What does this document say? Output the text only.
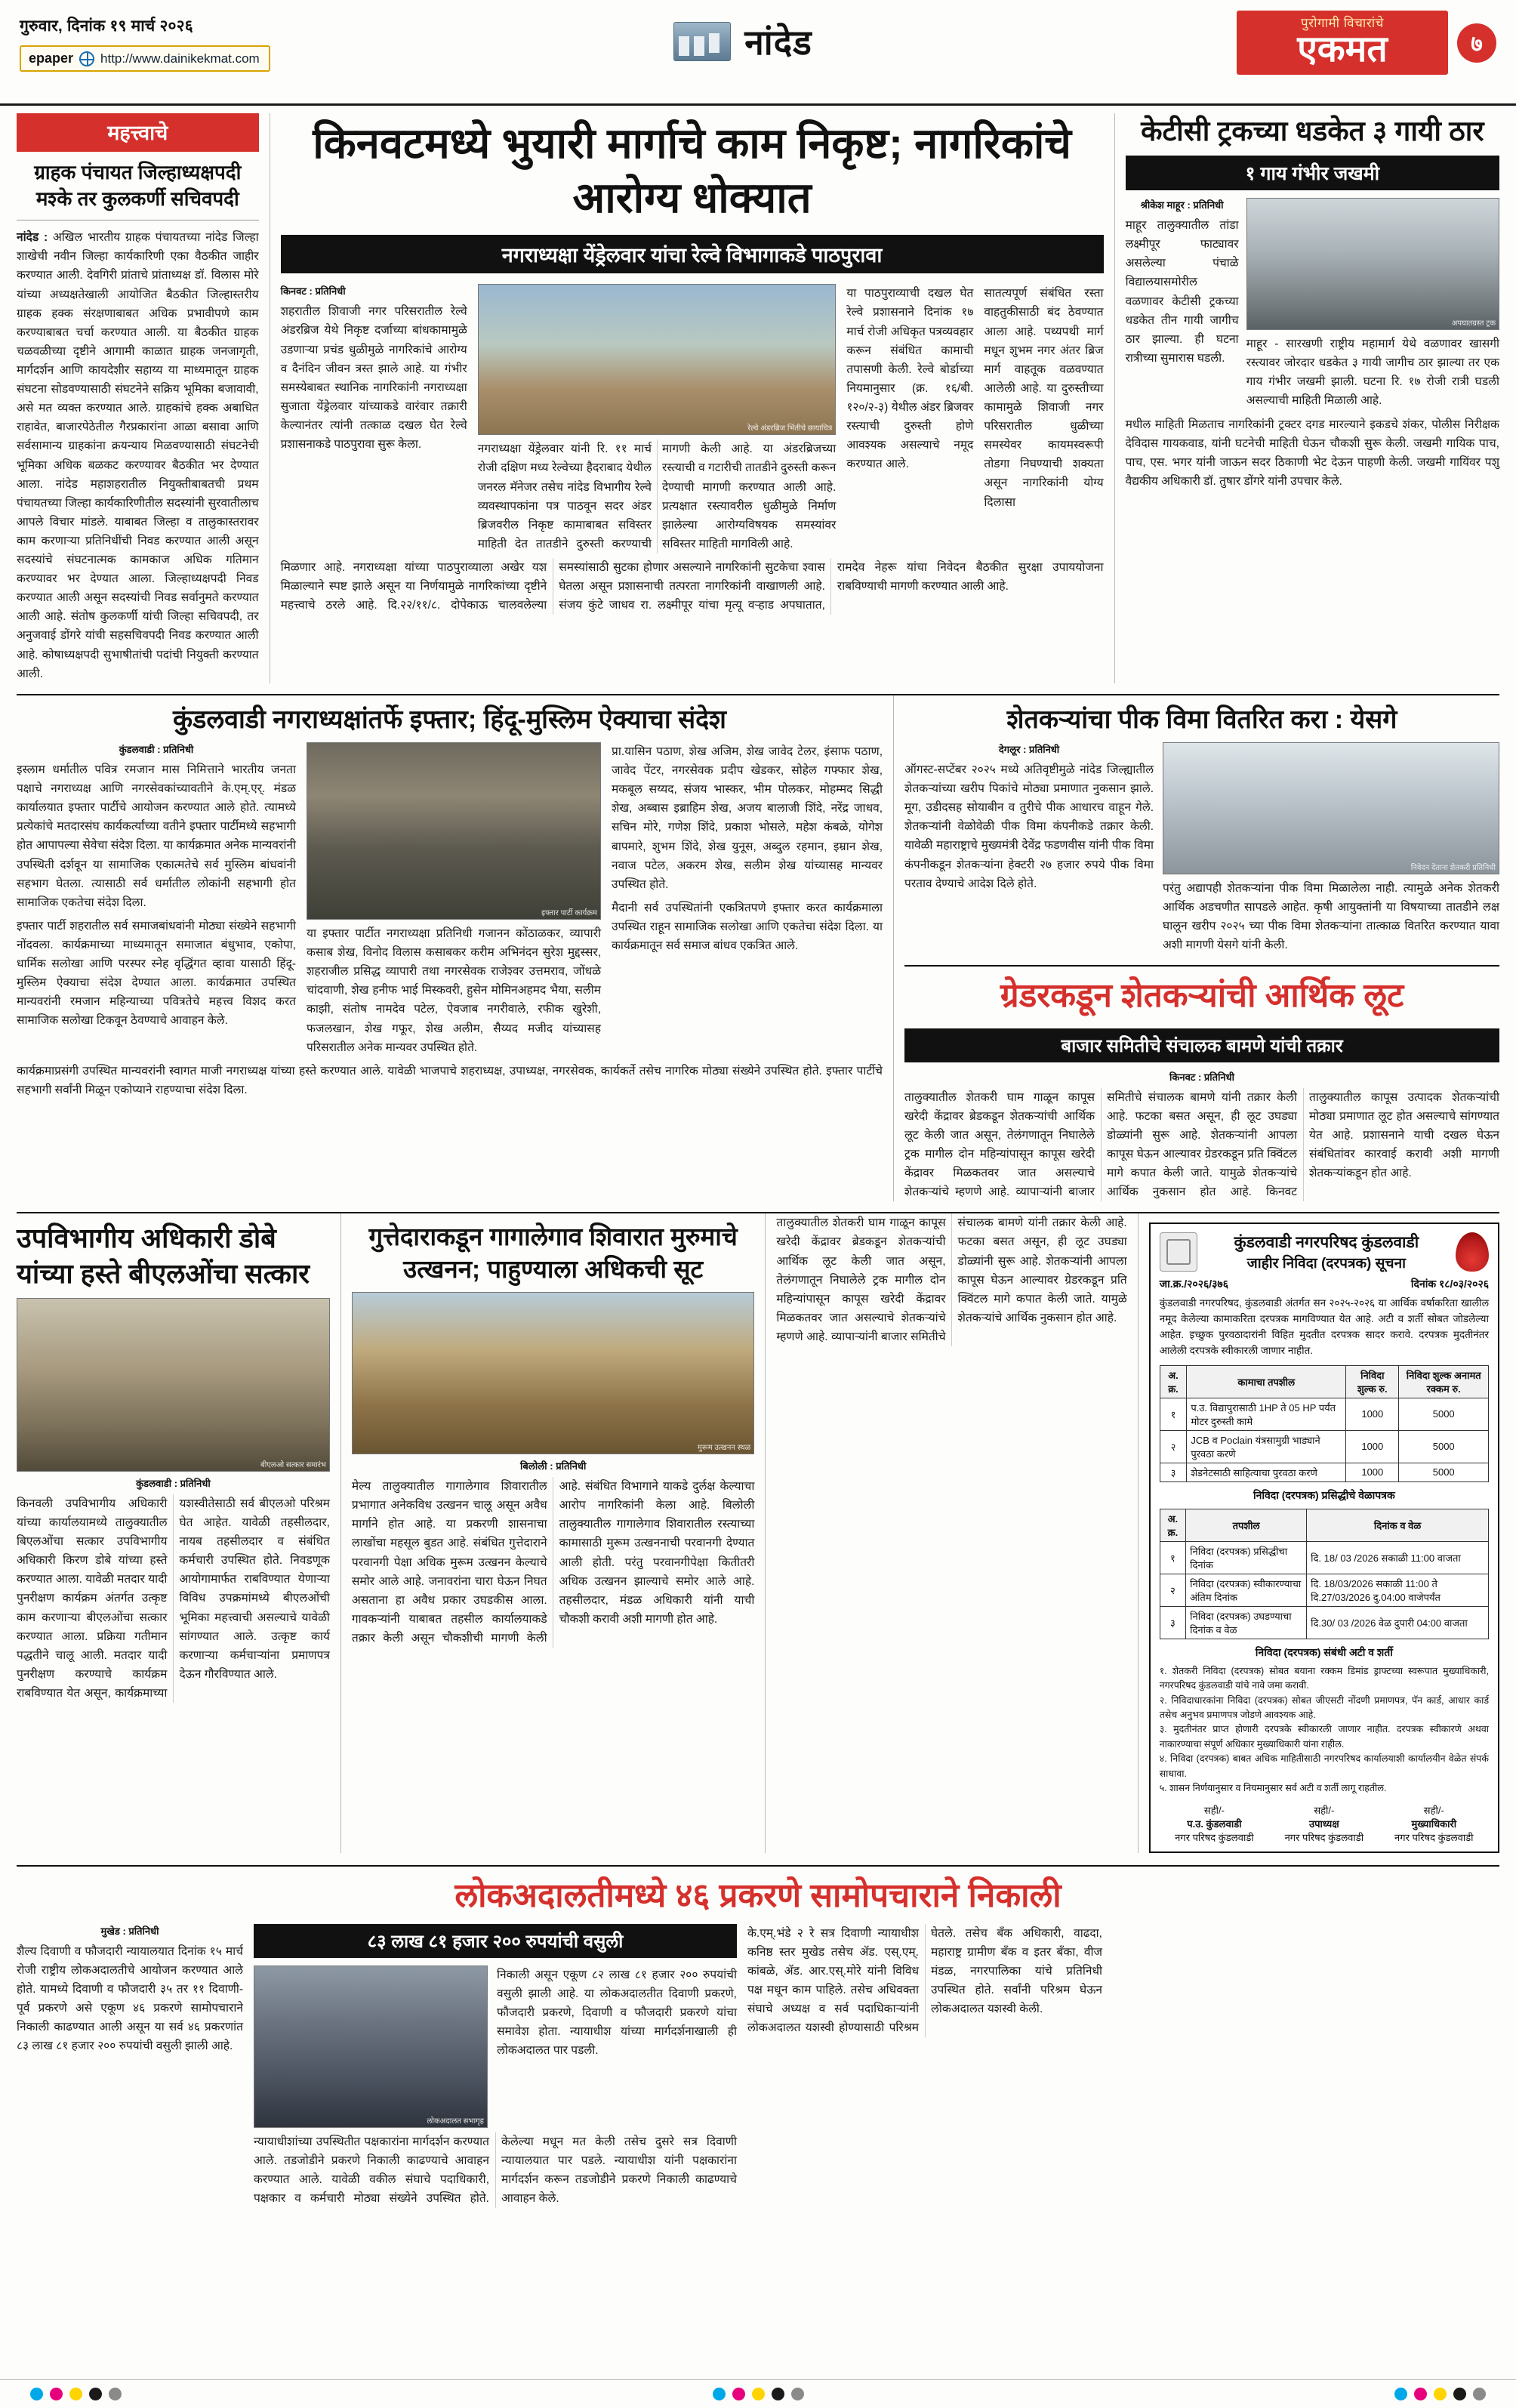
गुरुवार, दिनांक १९ मार्च २०२६
epaper http://www.dainikekmat.com	नांदेड	पुरोगामी विचारांचे
एकमत	७
महत्त्वाचे
ग्राहक पंचायत जिल्हाध्यक्षपदी मश्के तर कुलकर्णी सचिवपदी
नांदेड : अखिल भारतीय ग्राहक पंचायतच्या नांदेड जिल्हा शाखेची नवीन जिल्हा कार्यकारिणी एका वैठकीत जाहीर करण्यात आली. देवगिरी प्रांताचे प्रांताध्यक्ष डॉ. विलास मोरे यांच्या अध्यक्षतेखाली आयोजित बैठकीत जिल्हास्तरीय ग्राहक हक्क संरक्षणाबाबत अधिक प्रभावीपणे काम करण्याबाबत चर्चा करण्यात आली. या बैठकीत ग्राहक चळवळीच्या दृष्टीने आगामी काळात ग्राहक जनजागृती, मार्गदर्शन आणि कायदेशीर सहाय्य या माध्यमातून ग्राहक संघटना सोडवण्यासाठी संघटनेने सक्रिय भूमिका बजावावी, असे मत व्यक्त करण्यात आले. ग्राहकांचे हक्क अबाधित राहावेत, बाजारपेठेतील गैरप्रकारांना आळा बसावा आणि सर्वसामान्य ग्राहकांना क्रयन्याय मिळवण्यासाठी संघटनेची भूमिका अधिक बळकट करण्यावर बैठकीत भर देण्यात आला. नांदेड महाशहरातील नियुक्तीबाबतची प्रथम पंचायतच्या जिल्हा कार्यकारिणीतील सदस्यांनी सुरवातीलाच आपले विचार मांडले. याबाबत जिल्हा व तालुकास्तरावर काम करणाऱ्या प्रतिनिधींची निवड करण्यात आली असून सदस्यांचे संघटनात्मक कामकाज अधिक गतिमान करण्यावर भर देण्यात आला. जिल्हाध्यक्षपदी निवड करण्यात आली असून सदस्यांची निवड सर्वानुमते करण्यात आली आहे. संतोष कुलकर्णी यांची जिल्हा सचिवपदी, तर अनुजवाई डोंगरे यांची सहसचिवपदी निवड करण्यात आली आहे. कोषाध्यक्षपदी सुभाषीतांची पदांची नियुक्ती करण्यात आली.
किनवटमध्ये भुयारी मार्गाचे काम निकृष्ट; नागरिकांचे आरोग्य धोक्यात
नगराध्यक्षा येंड्रेलवार यांचा रेल्वे विभागाकडे पाठपुरावा
किनवट : प्रतिनिधी
शहरातील शिवाजी नगर परिसरातील रेल्वे अंडरब्रिज येथे निकृष्ट दर्जाच्या बांधकामामुळे उडणाऱ्या प्रचंड धुळीमुळे नागरिकांचे आरोग्य व दैनंदिन जीवन त्रस्त झाले आहे. या गंभीर समस्येबाबत स्थानिक नागरिकांनी नगराध्यक्षा सुजाता येंड्रेलवार यांच्याकडे वारंवार तक्रारी केल्यानंतर त्यांनी तत्काळ दखल घेत रेल्वे प्रशासनाकडे पाठपुरावा सुरू केला.
रेल्वे अंडरब्रिज भिंतीचे छायाचित्र
नगराध्यक्षा येंड्रेलवार यांनी रि. ११ मार्च रोजी दक्षिण मध्य रेल्वेच्या हैदराबाद येथील जनरल मॅनेजर तसेच नांदेड विभागीय रेल्वे व्यवस्थापकांना पत्र पाठवून सदर अंडर ब्रिजवरील निकृष्ट कामाबाबत सविस्तर माहिती देत तातडीने दुरुस्ती करण्याची मागणी केली आहे. या अंडरब्रिजच्या रस्त्याची व गटारीची तातडीने दुरुस्ती करून देण्याची मागणी करण्यात आली आहे. प्रत्यक्षात रस्त्यावरील धुळीमुळे निर्माण झालेल्या आरोग्यविषयक समस्यांवर सविस्तर माहिती मागविली आहे.
या पाठपुराव्याची दखल घेत रेल्वे प्रशासनाने दिनांक १७ मार्च रोजी अधिकृत पत्रव्यवहार करून संबंधित कामाची तपासणी केली. रेल्वे बोर्डाच्या नियमानुसार (क्र. १६/बी. १२०/२-३) येथील अंडर ब्रिजवर रस्त्याची दुरुस्ती होणे आवश्यक असल्याचे नमूद करण्यात आले.
सातत्यपूर्ण संबंधित रस्ता वाहतुकीसाठी बंद ठेवण्यात आला आहे. पथ्यपथी मार्ग मधून शुभम नगर अंतर ब्रिज मार्ग वाहतूक वळवण्यात आलेली आहे. या दुरुस्तीच्या कामामुळे शिवाजी नगर परिसरातील धुळीच्या समस्येवर कायमस्वरूपी तोडगा निघण्याची शक्यता असून नागरिकांनी योग्य दिलासा
मिळणार आहे. नगराध्यक्षा यांच्या पाठपुराव्याला अखेर यश मिळाल्याने स्पष्ट झाले असून या निर्णयामुळे नागरिकांच्या दृष्टीने महत्त्वाचे ठरले आहे. दि.२२/११/८. दोपेकाऊ चालवलेल्या समस्यांसाठी सुटका होणार असल्याने नागरिकांनी सुटकेचा श्वास घेतला असून प्रशासनाची तत्परता नागरिकांनी वाखाणली आहे. संजय कुंटे जाधव रा. लक्ष्मीपूर यांचा मृत्यू वऱ्हाड अपघातात, रामदेव नेहरू यांचा निवेदन बैठकीत सुरक्षा उपाययोजना राबविण्याची मागणी करण्यात आली आहे.
केटीसी ट्रकच्या धडकेत ३ गायी ठार
१ गाय गंभीर जखमी
श्रीकेश माहूर : प्रतिनिधी
माहूर तालुक्यातील तांडा लक्ष्मीपूर फाट्यावर असलेल्या पंचाळे विद्यालयासमोरील वळणावर केटीसी ट्रकच्या धडकेत तीन गायी जागीच ठार झाल्या. ही घटना रात्रीच्या सुमारास घडली.
अपघातग्रस्त ट्रक
माहूर - सारखणी राष्ट्रीय महामार्ग येथे वळणावर खासगी रस्त्यावर जोरदार धडकेत ३ गायी जागीच ठार झाल्या तर एक गाय गंभीर जखमी झाली. घटना रि. १७ रोजी रात्री घडली असल्याची माहिती मिळाली आहे.
मधील माहिती मिळताच नागरिकांनी ट्रक्टर दगड मारल्याने इकडचे शंकर, पोलीस निरीक्षक देविदास गायकवाड, यांनी घटनेची माहिती घेऊन चौकशी सुरू केली. जखमी गायिक पाच, पाच, एस. भगर यांनी जाऊन सदर ठिकाणी भेट देऊन पाहणी केली. जखमी गायिंवर पशु वैद्यकीय अधिकारी डॉ. तुषार डोंगरे यांनी उपचार केले.
कुंडलवाडी नगराध्यक्षांतर्फे इफ्तार; हिंदू-मुस्लिम ऐक्याचा संदेश
कुंडलवाडी : प्रतिनिधी
इस्लाम धर्मातील पवित्र रमजान मास निमित्ताने भारतीय जनता पक्षाचे नगराध्यक्ष आणि नगरसेवकांच्यावतीने के.एम्.एर्. मंडळ कार्यालयात इफ्तार पार्टीचे आयोजन करण्यात आले होते. त्यामध्ये प्रत्येकांचे मतदारसंघ कार्यकर्त्यांच्या वतीने इफ्तार पार्टीमध्ये सहभागी होत आपापल्या सेवेचा संदेश दिला. या कार्यक्रमात अनेक मान्यवरांनी उपस्थिती दर्शवून या सामाजिक एकात्मतेचे सर्व मुस्लिम बांधवांनी सहभाग घेतला. त्यासाठी सर्व धर्मातील लोकांनी सहभागी होत सामाजिक एकतेचा संदेश दिला.
इफ्तार पार्टी शहरातील सर्व समाजबांधवांनी मोठ्या संख्येने सहभागी नोंदवला. कार्यक्रमाच्या माध्यमातून समाजात बंधुभाव, एकोपा, धार्मिक सलोखा आणि परस्पर स्नेह वृद्धिंगत व्हावा यासाठी हिंदू-मुस्लिम ऐक्याचा संदेश देण्यात आला. कार्यक्रमात उपस्थित मान्यवरांनी रमजान महिन्याच्या पवित्रतेचे महत्त्व विशद करत सामाजिक सलोखा टिकवून ठेवण्याचे आवाहन केले.
इफ्तार पार्टी कार्यक्रम
या इफ्तार पार्टीत नगराध्यक्षा प्रतिनिधी गजानन कोंठाळकर, व्यापारी कसाब शेख, विनोद विलास कसाबकर करीम अभिनंदन सुरेश मुद्दस्सर, शहराजील प्रसिद्ध व्यापारी तथा नगरसेवक राजेश्वर उत्तमराव, जोंधळे चांदवाणी, शेख हनीफ भाई मिस्कवरी, हुसेन मोमिनअहमद भैया, सलीम काझी, संतोष नामदेव पटेल, ऐवजाब नगरीवाले, रफीक खुरेशी, फजलखान, शेख गफूर, शेख अलीम, सैय्यद मजीद यांच्यासह परिसरातील अनेक मान्यवर उपस्थित होते.
प्रा.यासिन पठाण, शेख अजिम, शेख जावेद टेलर, इंसाफ पठाण, जावेद पेंटर, नगरसेवक प्रदीप खेडकर, सोहेल गफ्फार शेख, मकबूल सय्यद, संजय भास्कर, भीम पोलकर, मोहम्मद सिद्धी शेख, अब्बास इब्राहिम शेख, अजय बालाजी शिंदे, नरेंद्र जाधव, सचिन मोरे, गणेश शिंदे, प्रकाश भोसले, महेश कंबळे, योगेश बापमारे, शुभम शिंदे, शेख युनूस, अब्दुल रहमान, इम्रान शेख, नवाज पटेल, अकरम शेख, सलीम शेख यांच्यासह मान्यवर उपस्थित होते.
मैदानी सर्व उपस्थितांनी एकत्रितपणे इफ्तार करत कार्यक्रमाला उपस्थित राहून सामाजिक सलोखा आणि एकतेचा संदेश दिला. या कार्यक्रमातून सर्व समाज बांधव एकत्रित आले.
कार्यक्रमाप्रसंगी उपस्थित मान्यवरांनी स्वागत माजी नगराध्यक्ष यांच्या हस्ते करण्यात आले. यावेळी भाजपाचे शहराध्यक्ष, उपाध्यक्ष, नगरसेवक, कार्यकर्ते तसेच नागरिक मोठ्या संख्येने उपस्थित होते. इफ्तार पार्टीचे सहभागी सर्वांनी मिळून एकोप्याने राहण्याचा संदेश दिला.
शेतकऱ्यांचा पीक विमा वितरित करा : येसगे
देगलूर : प्रतिनिधी
ऑगस्ट-सप्टेंबर २०२५ मध्ये अतिवृष्टीमुळे नांदेड जिल्ह्यातील शेतकऱ्यांच्या खरीप पिकांचे मोठ्या प्रमाणात नुकसान झाले. मूग, उडीदसह सोयाबीन व तुरीचे पीक आधारच वाहून गेले. शेतकऱ्यांनी वेळोवेळी पीक विमा कंपनीकडे तक्रार केली. यावेळी महाराष्ट्राचे मुख्यमंत्री देवेंद्र फडणवीस यांनी पीक विमा कंपनीकडून शेतकऱ्यांना हेक्टरी २७ हजार रुपये पीक विमा परताव देण्याचे आदेश दिले होते.
निवेदन देताना शेतकरी प्रतिनिधी
परंतु अद्यापही शेतकऱ्यांना पीक विमा मिळालेला नाही. त्यामुळे अनेक शेतकरी आर्थिक अडचणीत सापडले आहेत. कृषी आयुक्तांनी या विषयाच्या तातडीने लक्ष घालून खरीप २०२५ च्या पीक विमा शेतकऱ्यांना तात्काळ वितरित करण्यात यावा अशी मागणी येसगे यांनी केली.
ग्रेडरकडून शेतकऱ्यांची आर्थिक लूट
बाजार समितीचे संचालक बामणे यांची तक्रार
किनवट : प्रतिनिधी
तालुक्यातील शेतकरी घाम गाळून कापूस खरेदी केंद्रावर ब्रेडकडून शेतकऱ्यांची आर्थिक लूट केली जात असून, तेलंगणातून निघालेले ट्रक मागील दोन महिन्यांपासून कापूस खरेदी केंद्रावर मिळकतवर जात असल्याचे शेतकऱ्यांचे म्हणणे आहे. व्यापाऱ्यांनी बाजार समितीचे संचालक बामणे यांनी तक्रार केली आहे. फटका बसत असून, ही लूट उघड्या डोळ्यांनी सुरू आहे. शेतकऱ्यांनी आपला कापूस घेऊन आल्यावर ग्रेडरकडून प्रति क्विंटल मागे कपात केली जाते. यामुळे शेतकऱ्यांचे आर्थिक नुकसान होत आहे. किनवट तालुक्यातील कापूस उत्पादक शेतकऱ्यांची मोठ्या प्रमाणात लूट होत असल्याचे सांगण्यात येत आहे. प्रशासनाने याची दखल घेऊन संबंधितांवर कारवाई करावी अशी मागणी शेतकऱ्यांकडून होत आहे.
उपविभागीय अधिकारी डोबे यांच्या हस्ते बीएलओंचा सत्कार
बीएलओ सत्कार समारंभ
कुंडलवाडी : प्रतिनिधी
किनवली उपविभागीय अधिकारी यांच्या कार्यालयामध्ये तालुक्यातील बिएलओंचा सत्कार उपविभागीय अधिकारी किरण डोबे यांच्या हस्ते करण्यात आला. यावेळी मतदार यादी पुनरीक्षण कार्यक्रम अंतर्गत उत्कृष्ट काम करणाऱ्या बीएलओंचा सत्कार करण्यात आला. प्रक्रिया गतीमान पद्धतीने चालू आली. मतदार यादी पुनरीक्षण करण्याचे कार्यक्रम राबविण्यात येत असून, कार्यक्रमाच्या यशस्वीतेसाठी सर्व बीएलओ परिश्रम घेत आहेत. यावेळी तहसीलदार, नायब तहसीलदार व संबंधित कर्मचारी उपस्थित होते. निवडणूक आयोगामार्फत राबविण्यात येणाऱ्या विविध उपक्रमांमध्ये बीएलओंची भूमिका महत्त्वाची असल्याचे यावेळी सांगण्यात आले. उत्कृष्ट कार्य करणाऱ्या कर्मचाऱ्यांना प्रमाणपत्र देऊन गौरविण्यात आले.
गुत्तेदाराकडून गागालेगाव शिवारात मुरुमाचे उत्खनन; पाहुण्याला अधिकची सूट
मुरूम उत्खनन स्थळ
बिलोली : प्रतिनिधी
मेल्य तालुक्यातील गागालेगाव शिवारातील प्रभागात अनेकविध उत्खनन चालू असून अवैध मार्गाने होत आहे. या प्रकरणी शासनाचा लाखोंचा महसूल बुडत आहे. संबंधित गुत्तेदाराने परवानगी पेक्षा अधिक मुरूम उत्खनन केल्याचे समोर आले आहे. जनावरांना चारा घेऊन निघत असताना हा अवैध प्रकार उघडकीस आला. गावकऱ्यांनी याबाबत तहसील कार्यालयाकडे तक्रार केली असून चौकशीची मागणी केली आहे. संबंधित विभागाने याकडे दुर्लक्ष केल्याचा आरोप नागरिकांनी केला आहे. बिलोली तालुक्यातील गागालेगाव शिवारातील रस्त्याच्या कामासाठी मुरूम उत्खननाची परवानगी देण्यात आली होती. परंतु परवानगीपेक्षा कितीतरी अधिक उत्खनन झाल्याचे समोर आले आहे. तहसीलदार, मंडळ अधिकारी यांनी याची चौकशी करावी अशी मागणी होत आहे.
तालुक्यातील शेतकरी घाम गाळून कापूस खरेदी केंद्रावर ब्रेडकडून शेतकऱ्यांची आर्थिक लूट केली जात असून, तेलंगणातून निघालेले ट्रक मागील दोन महिन्यांपासून कापूस खरेदी केंद्रावर मिळकतवर जात असल्याचे शेतकऱ्यांचे म्हणणे आहे. व्यापाऱ्यांनी बाजार समितीचे संचालक बामणे यांनी तक्रार केली आहे. फटका बसत असून, ही लूट उघड्या डोळ्यांनी सुरू आहे. शेतकऱ्यांनी आपला कापूस घेऊन आल्यावर ग्रेडरकडून प्रति क्विंटल मागे कपात केली जाते. यामुळे शेतकऱ्यांचे आर्थिक नुकसान होत आहे.
कुंडलवाडी नगरपरिषद कुंडलवाडी
जाहीर निविदा (दरपत्रक) सूचना
जा.क्र./२०२६/३७६	दिनांक १८/०३/२०२६
कुंडलवाडी नगरपरिषद, कुंडलवाडी अंतर्गत सन २०२५-२०२६ या आर्थिक वर्षाकरिता खालील नमूद केलेल्या कामाकरिता दरपत्रक मागविण्यात येत आहे. अटी व शर्ती सोबत जोडलेल्या आहेत. इच्छुक पुरवठादारांनी विहित मुदतीत दरपत्रक सादर करावे. दरपत्रक मुदतीनंतर आलेली दरपत्रके स्वीकारली जाणार नाहीत.
अ. क्र.	कामाचा तपशील	निविदा शुल्क रु.	निविदा शुल्क अनामत रक्कम रु.
१	प.उ. विद्यापुरासाठी 1HP ते 05 HP पर्यंत मोटर दुरुस्ती कामे	1000	5000
२	JCB व Poclain यंत्रसामुग्री भाड्याने पुरवठा करणे	1000	5000
३	शेडनेटसाठी साहित्याचा पुरवठा करणे	1000	5000
निविदा (दरपत्रक) प्रसिद्धीचे वेळापत्रक
अ. क्र.	तपशील	दिनांक व वेळ
१	निविदा (दरपत्रक) प्रसिद्धीचा दिनांक	दि. 18/ 03 /2026 सकाळी 11:00 वाजता
२	निविदा (दरपत्रक) स्वीकारण्याचा अंतिम दिनांक	दि. 18/03/2026 सकाळी 11:00 ते दि.27/03/2026 दु.04:00 वाजेपर्यंत
३	निविदा (दरपत्रक) उघडण्याचा दिनांक व वेळ	दि.30/ 03 /2026 वेळ दुपारी 04:00 वाजता
निविदा (दरपत्रक) संबंधी अटी व शर्ती
१. शेतकरी निविदा (दरपत्रक) सोबत बयाना रक्कम डिमांड ड्राफ्टच्या स्वरूपात मुख्याधिकारी, नगरपरिषद कुंडलवाडी यांचे नावे जमा करावी.
२. निविदाधारकांना निविदा (दरपत्रक) सोबत जीएसटी नोंदणी प्रमाणपत्र, पॅन कार्ड, आधार कार्ड तसेच अनुभव प्रमाणपत्र जोडणे आवश्यक आहे.
३. मुदतीनंतर प्राप्त होणारी दरपत्रके स्वीकारली जाणार नाहीत. दरपत्रक स्वीकारणे अथवा नाकारण्याचा संपूर्ण अधिकार मुख्याधिकारी यांना राहील.
४. निविदा (दरपत्रक) बाबत अधिक माहितीसाठी नगरपरिषद कार्यालयाशी कार्यालयीन वेळेत संपर्क साधावा.
५. शासन निर्णयानुसार व नियमानुसार सर्व अटी व शर्ती लागू राहतील.
सही/-
प.उ. कुंडलवाडी
नगर परिषद कुंडलवाडी
सही/-
उपाध्यक्ष
नगर परिषद कुंडलवाडी
सही/-
मुख्याधिकारी
नगर परिषद कुंडलवाडी
लोकअदालतीमध्ये ४६ प्रकरणे सामोपचाराने निकाली
मुखेड : प्रतिनिधी
शैल्य दिवाणी व फौजदारी न्यायालयात दिनांक १५ मार्च रोजी राष्ट्रीय लोकअदालतीचे आयोजन करण्यात आले होते. यामध्ये दिवाणी व फौजदारी ३५ तर ११ दिवाणी-पूर्व प्रकरणे असे एकूण ४६ प्रकरणे सामोपचाराने निकाली काढण्यात आली असून या सर्व ४६ प्रकरणांत ८३ लाख ८१ हजार २०० रुपयांची वसुली झाली आहे.
८३ लाख ८१ हजार २०० रुपयांची वसुली
लोकअदालत सभागृह
निकाली असून एकूण ८२ लाख ८१ हजार २०० रुपयांची वसुली झाली आहे. या लोकअदालतीत दिवाणी प्रकरणे, फौजदारी प्रकरणे, दिवाणी व फौजदारी प्रकरणे यांचा समावेश होता. न्यायाधीश यांच्या मार्गदर्शनाखाली ही लोकअदालत पार पडली.
न्यायाधीशांच्या उपस्थितीत पक्षकारांना मार्गदर्शन करण्यात आले. तडजोडीने प्रकरणे निकाली काढण्याचे आवाहन करण्यात आले. यावेळी वकील संघाचे पदाधिकारी, पक्षकार व कर्मचारी मोठ्या संख्येने उपस्थित होते. केलेल्या मधून मत केली तसेच दुसरे सत्र दिवाणी न्यायालयात पार पडले. न्यायाधीश यांनी पक्षकारांना मार्गदर्शन करून तडजोडीने प्रकरणे निकाली काढण्याचे आवाहन केले.
के.एम्.भंडे २ रे सत्र दिवाणी न्यायाधीश कनिष्ठ स्तर मुखेड तसेच ॲड. एस्.एम्. कांबळे, ॲड. आर.एस्.मोरे यांनी विविध पक्ष मधून काम पाहिले. तसेच अधिवक्ता संघाचे अध्यक्ष व सर्व पदाधिकाऱ्यांनी लोकअदालत यशस्वी होण्यासाठी परिश्रम घेतले. तसेच बँक अधिकारी, वाढदा, महाराष्ट्र ग्रामीण बँक व इतर बँका, वीज मंडळ, नगरपालिका यांचे प्रतिनिधी उपस्थित होते. सर्वांनी परिश्रम घेऊन लोकअदालत यशस्वी केली.
